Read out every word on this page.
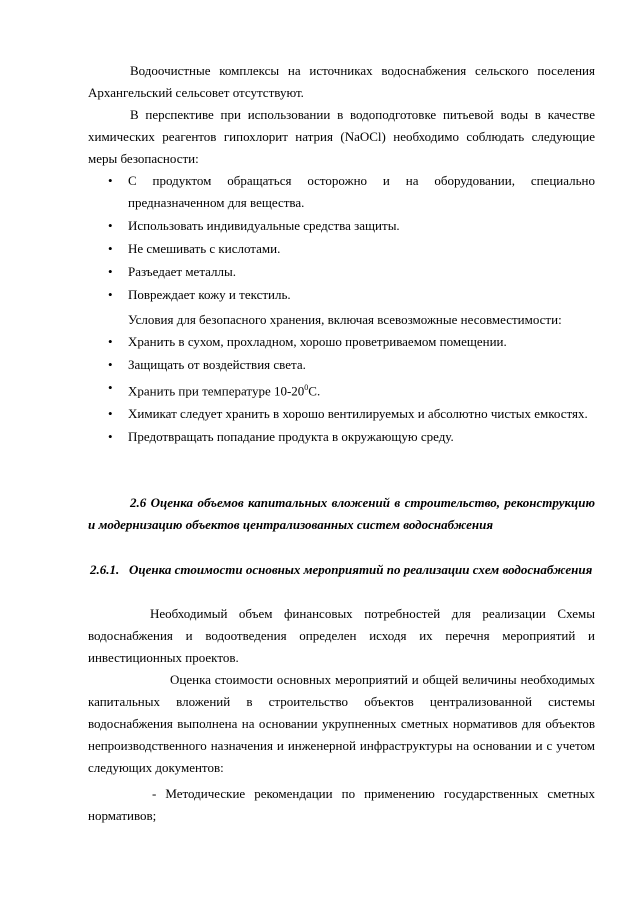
Водоочистные комплексы на источниках водоснабжения сельского поселения Архангельский сельсовет отсутствуют.

В перспективе при использовании в водоподготовке питьевой воды в качестве химических реагентов гипохлорит натрия (NaOCl) необходимо соблюдать следующие меры безопасности:

• С продуктом обращаться осторожно и на оборудовании, специально предназначенном для вещества.
• Использовать индивидуальные средства защиты.
• Не смешивать с кислотами.
• Разъедает металлы.
• Повреждает кожу и текстиль.

Условия для безопасного хранения, включая всевозможные несовместимости:

• Хранить в сухом, прохладном, хорошо проветриваемом помещении.
• Защищать от воздействия света.
• Хранить при температуре $10-20^0С$.
• Химикат следует хранить в хорошо вентилируемых и абсолютно чистых емкостях.
• Предотвращать попадание продукта в окружающую среду.

2.6 Оценка объемов капитальных вложений в строительство, реконструкцию и модернизацию объектов централизованных систем водоснабжения

2.6.1. Оценка стоимости основных мероприятий по реализации схем водоснабжения

Необходимый объем финансовых потребностей для реализации Схемы водоснабжения и водоотведения определен исходя их перечня мероприятий и инвестиционных проектов.

Оценка стоимости основных мероприятий и общей величины необходимых капитальных вложений в строительство объектов централизованной системы водоснабжения выполнена на основании укрупненных сметных нормативов для объектов непроизводственного назначения и инженерной инфраструктуры на основании и с учетом следующих документов:

- Методические рекомендации по применению государственных сметных нормативов;
